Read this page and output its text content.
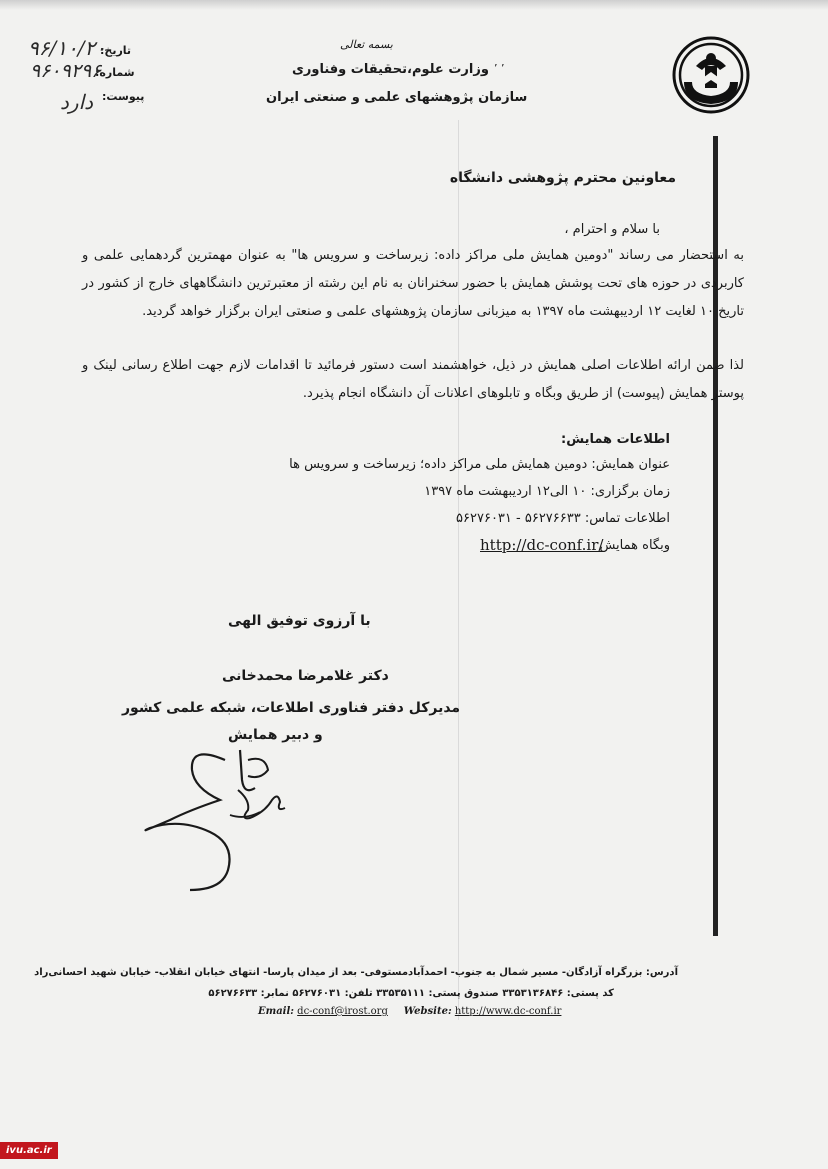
بسمه تعالی
وزارت علوم،تحقیقات وفناوری
سازمان پژوهشهای علمی و صنعتی ایران
٬ ٬
تاریخ:
۹۶/۱۰/۲۰
شماره:
۹۶۰۹۲۹۶
پیوست:
دارد
معاونین محترم پژوهشی دانشگاه
با سلام و احترام ،
به استحضار می رساند "دومین همایش ملی مراکز داده: زیرساخت و سرویس ها" به عنوان مهمترین گردهمایی علمی و کاربردی در حوزه های تحت پوشش همایش با حضور سخنرانان به نام این رشته از معتبرترین دانشگاههای خارج از کشور در تاریخ ۱۰ لغایت ۱۲ اردیبهشت ماه ۱۳۹۷ به میزبانی سازمان پژوهشهای علمی و صنعتی ایران برگزار خواهد گردید.
لذا ضمن ارائه اطلاعات اصلی همایش در ذیل، خواهشمند است دستور فرمائید تا اقدامات لازم جهت اطلاع رسانی لینک و پوستر همایش (پیوست) از طریق وبگاه و تابلوهای اعلانات آن دانشگاه انجام پذیرد.
اطلاعات همایش:
عنوان همایش: دومین همایش ملی مراکز داده؛ زیرساخت و سرویس ها
زمان برگزاری: ۱۰ الی۱۲ اردیبهشت ماه ۱۳۹۷
اطلاعات تماس: ۵۶۲۷۶۶۳۳ - ۵۶۲۷۶۰۳۱
وبگاه همایش
http://dc-conf.ir/
با آرزوی توفیق الهی
دکتر غلامرضا محمدخانی
مدیرکل دفتر فناوری اطلاعات، شبکه علمی کشور
و دبیر همایش
آدرس: بزرگراه آزادگان- مسیر شمال به جنوب- احمدآبادمستوفی- بعد از میدان پارسا- انتهای خیابان انقلاب- خیابان شهید احسانی‌راد
کد پستی: ۳۳۵۳۱۳۶۸۴۶ صندوق پستی: ۳۳۵۳۵۱۱۱ تلفن: ۵۶۲۷۶۰۳۱ نمابر: ۵۶۲۷۶۶۳۳
Email: dc-conf@irost.org Website: http://www.dc-conf.ir
ivu.ac.ir
